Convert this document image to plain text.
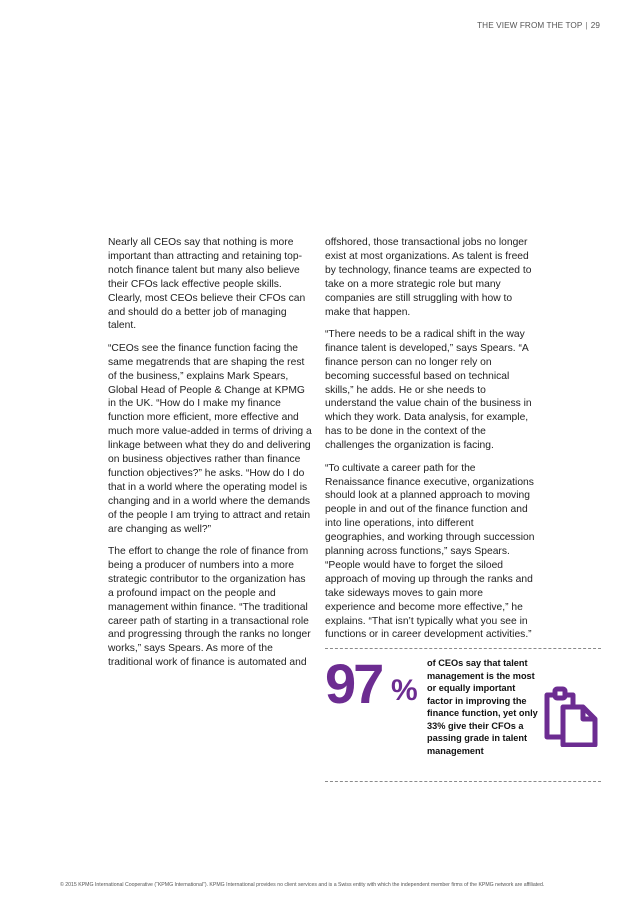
THE VIEW FROM THE TOP | 29

Nearly all CEOs say that nothing is more important than attracting and retaining top-notch finance talent but many also believe their CFOs lack effective people skills. Clearly, most CEOs believe their CFOs can and should do a better job of managing talent.

“CEOs see the finance function facing the same megatrends that are shaping the rest of the business,” explains Mark Spears, Global Head of People & Change at KPMG in the UK. “How do I make my finance function more efficient, more effective and much more value-added in terms of driving a linkage between what they do and delivering on business objectives rather than finance function objectives?” he asks. “How do I do that in a world where the operating model is changing and in a world where the demands of the people I am trying to attract and retain are changing as well?”

The effort to change the role of finance from being a producer of numbers into a more strategic contributor to the organization has a profound impact on the people and management within finance. “The traditional career path of starting in a transactional role and progressing through the ranks no longer works,” says Spears. As more of the traditional work of finance is automated and

offshored, those transactional jobs no longer exist at most organizations. As talent is freed by technology, finance teams are expected to take on a more strategic role but many companies are still struggling with how to make that happen.

“There needs to be a radical shift in the way finance talent is developed,” says Spears. “A finance person can no longer rely on becoming successful based on technical skills,” he adds. He or she needs to understand the value chain of the business in which they work. Data analysis, for example, has to be done in the context of the challenges the organization is facing.

“To cultivate a career path for the Renaissance finance executive, organizations should look at a planned approach to moving people in and out of the finance function and into line operations, into different geographies, and working through succession planning across functions,” says Spears. “People would have to forget the siloed approach of moving up through the ranks and take sideways moves to gain more experience and become more effective,” he explains. “That isn’t typically what you see in functions or in career development activities.”

97 %
of CEOs say that talent management is the most or equally important factor in improving the finance function, yet only 33% give their CFOs a passing grade in talent management
© 2015 KPMG International Cooperative (“KPMG International”). KPMG International provides no client services and is a Swiss entity with which the independent member firms of the KPMG network are affiliated.
